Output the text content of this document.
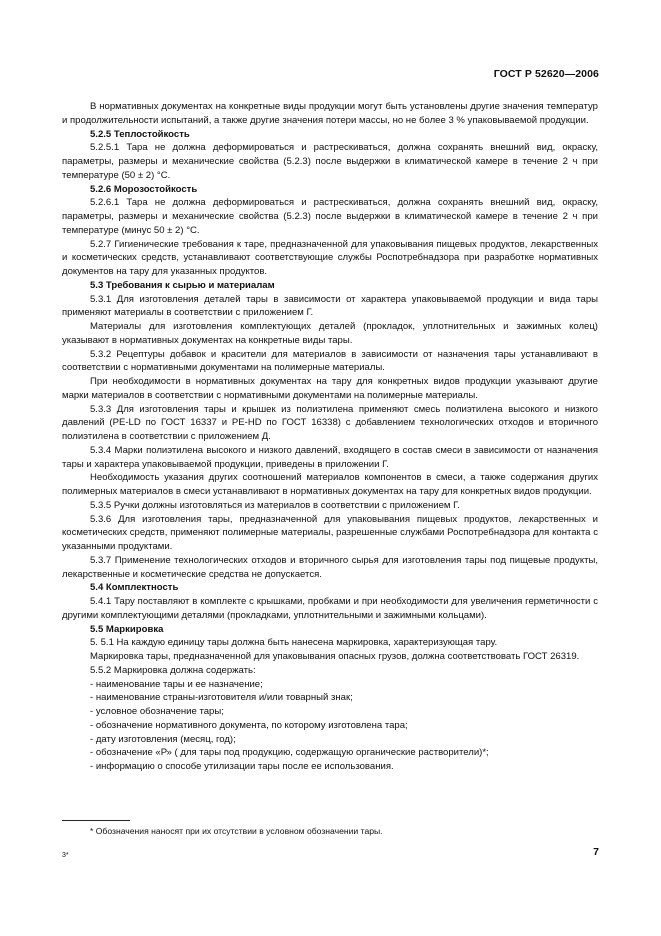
ГОСТ Р 52620—2006

В нормативных документах на конкретные виды продукции могут быть установлены другие значения температур и продолжительности испытаний, а также другие значения потери массы, но не более 3 % упаковываемой продукции.

5.2.5 Теплостойкость

5.2.5.1 Тара не должна деформироваться и растрескиваться, должна сохранять внешний вид, окраску, параметры, размеры и механические свойства (5.2.3) после выдержки в климатической камере в течение 2 ч при температуре (50 ± 2) °С.

5.2.6 Морозостойкость

5.2.6.1 Тара не должна деформироваться и растрескиваться, должна сохранять внешний вид, окраску, параметры, размеры и механические свойства (5.2.3) после выдержки в климатической камере в течение 2 ч при температуре (минус 50 ± 2) °С.

5.2.7 Гигиенические требования к таре, предназначенной для упаковывания пищевых продуктов, лекарственных и косметических средств, устанавливают соответствующие службы Роспотребнадзора при разработке нормативных документов на тару для указанных продуктов.

5.3 Требования к сырью и материалам

5.3.1 Для изготовления деталей тары в зависимости от характера упаковываемой продукции и вида тары применяют материалы в соответствии с приложением Г.

Материалы для изготовления комплектующих деталей (прокладок, уплотнительных и зажимных колец) указывают в нормативных документах на конкретные виды тары.

5.3.2 Рецептуры добавок и красители для материалов в зависимости от назначения тары устанавливают в соответствии с нормативными документами на полимерные материалы.

При необходимости в нормативных документах на тару для конкретных видов продукции указывают другие марки материалов в соответствии с нормативными документами на полимерные материалы.

5.3.3 Для изготовления тары и крышек из полиэтилена применяют смесь полиэтилена высокого и низкого давлений (PE-LD по ГОСТ 16337 и PE-HD по ГОСТ 16338) с добавлением технологических отходов и вторичного полиэтилена в соответствии с приложением Д.

5.3.4 Марки полиэтилена высокого и низкого давлений, входящего в состав смеси в зависимости от назначения тары и характера упаковываемой продукции, приведены в приложении Г.

Необходимость указания других соотношений материалов компонентов в смеси, а также содержания других полимерных материалов в смеси устанавливают в нормативных документах на тару для конкретных видов продукции.

5.3.5 Ручки должны изготовляться из материалов в соответствии с приложением Г.

5.3.6 Для изготовления тары, предназначенной для упаковывания пищевых продуктов, лекарственных и косметических средств, применяют полимерные материалы, разрешенные службами Роспотребнадзора для контакта с указанными продуктами.

5.3.7 Применение технологических отходов и вторичного сырья для изготовления тары под пищевые продукты, лекарственные и косметические средства не допускается.

5.4 Комплектность

5.4.1 Тару поставляют в комплекте с крышками, пробками и при необходимости для увеличения герметичности с другими комплектующими деталями (прокладками, уплотнительными и зажимными кольцами).

5.5 Маркировка

5. 5.1 На каждую единицу тары должна быть нанесена маркировка, характеризующая тару.

Маркировка тары, предназначенной для упаковывания опасных грузов, должна соответствовать ГОСТ 26319.

5.5.2 Маркировка должна содержать:

- наименование тары и ее назначение;

- наименование страны-изготовителя и/или товарный знак;

- условное обозначение тары;

- обозначение нормативного документа, по которому изготовлена тара;

- дату изготовления (месяц, год);

- обозначение «Р» ( для тары под продукцию, содержащую органические растворители)*;

- информацию о способе утилизации тары после ее использования.

* Обозначения наносят при их отсутствии в условном обозначении тары.
3*	7
